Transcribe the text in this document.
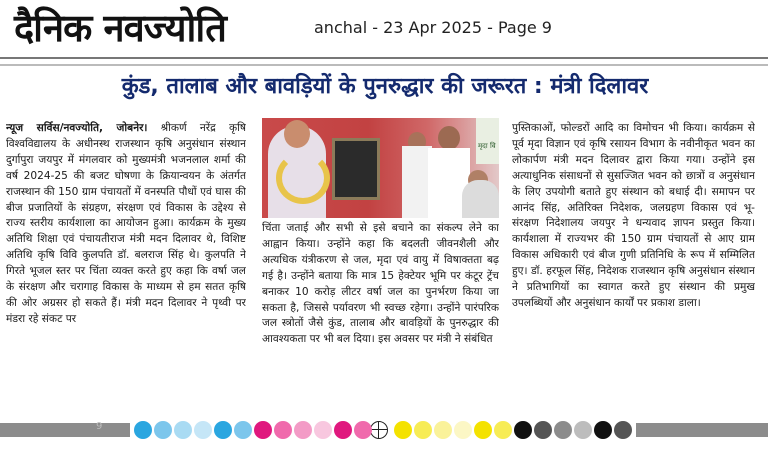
दैनिक नवज्योति	anchal - 23 Apr 2025 - Page 9
कुंड, तालाब और बावड़ियों के पुनरुद्धार की जरूरत : मंत्री दिलावर

न्यूज सर्विस/नवज्योति, जोबनेर। श्रीकर्ण नरेंद्र कृषि विश्वविद्यालय के अधीनस्थ राजस्थान कृषि अनुसंधान संस्थान दुर्गापुरा जयपुर में मंगलवार को मुख्यमंत्री भजनलाल शर्मा की वर्ष 2024-25 की बजट घोषणा के क्रियान्वयन के अंतर्गत राजस्थान की 150 ग्राम पंचायतों में वनस्पति पौधों एवं घास की बीज प्रजातियों के संग्रहण, संरक्षण एवं विकास के उद्देश्य से राज्य स्तरीय कार्यशाला का आयोजन हुआ। कार्यक्रम के मुख्य अतिथि शिक्षा एवं पंचायतीराज मंत्री मदन दिलावर थे, विशिष्ट अतिथि कृषि विवि कुलपति डॉ. बलराज सिंह थे। कुलपति ने गिरते भूजल स्तर पर चिंता व्यक्त करते हुए कहा कि वर्षा जल के संरक्षण और चरागाह विकास के माध्यम से हम सतत कृषि की ओर अग्रसर हो सकते हैं। मंत्री मदन दिलावर ने पृथ्वी पर मंडरा रहे संकट पर

मृदा वि

चिंता जताई और सभी से इसे बचाने का संकल्प लेने का आह्वान किया। उन्होंने कहा कि बदलती जीवनशैली और अत्यधिक यंत्रीकरण से जल, मृदा एवं वायु में विषाक्तता बढ़ गई है। उन्होंने बताया कि मात्र 15 हेक्टेयर भूमि पर कंटूर ट्रेंच बनाकर 10 करोड़ लीटर वर्षा जल का पुनर्भरण किया जा सकता है, जिससे पर्यावरण भी स्वच्छ रहेगा। उन्होंने पारंपरिक जल स्त्रोतों जैसे कुंड, तालाब और बावड़ियों के पुनरुद्धार की आवश्यकता पर भी बल दिया। इस अवसर पर मंत्री ने संबंधित

पुस्तिकाओं, फोल्डरों आदि का विमोचन भी किया। कार्यक्रम से पूर्व मृदा विज्ञान एवं कृषि रसायन विभाग के नवीनीकृत भवन का लोकार्पण मंत्री मदन दिलावर द्वारा किया गया। उन्होंने इस अत्याधुनिक संसाधनों से सुसज्जित भवन को छात्रों व अनुसंधान के लिए उपयोगी बताते हुए संस्थान को बधाई दी। समापन पर आनंद सिंह, अतिरिक्त निदेशक, जलग्रहण विकास एवं भू-संरक्षण निदेशालय जयपुर ने धन्यवाद ज्ञापन प्रस्तुत किया। कार्यशाला में राज्यभर की 150 ग्राम पंचायतों से आए ग्राम विकास अधिकारी एवं बीज गुणी प्रतिनिधि के रूप में सम्मिलित हुए। डॉ. हरफूल सिंह, निदेशक राजस्थान कृषि अनुसंधान संस्थान ने प्रतिभागियों का स्वागत करते हुए संस्थान की प्रमुख उपलब्धियों और अनुसंधान कार्यों पर प्रकाश डाला।

9
